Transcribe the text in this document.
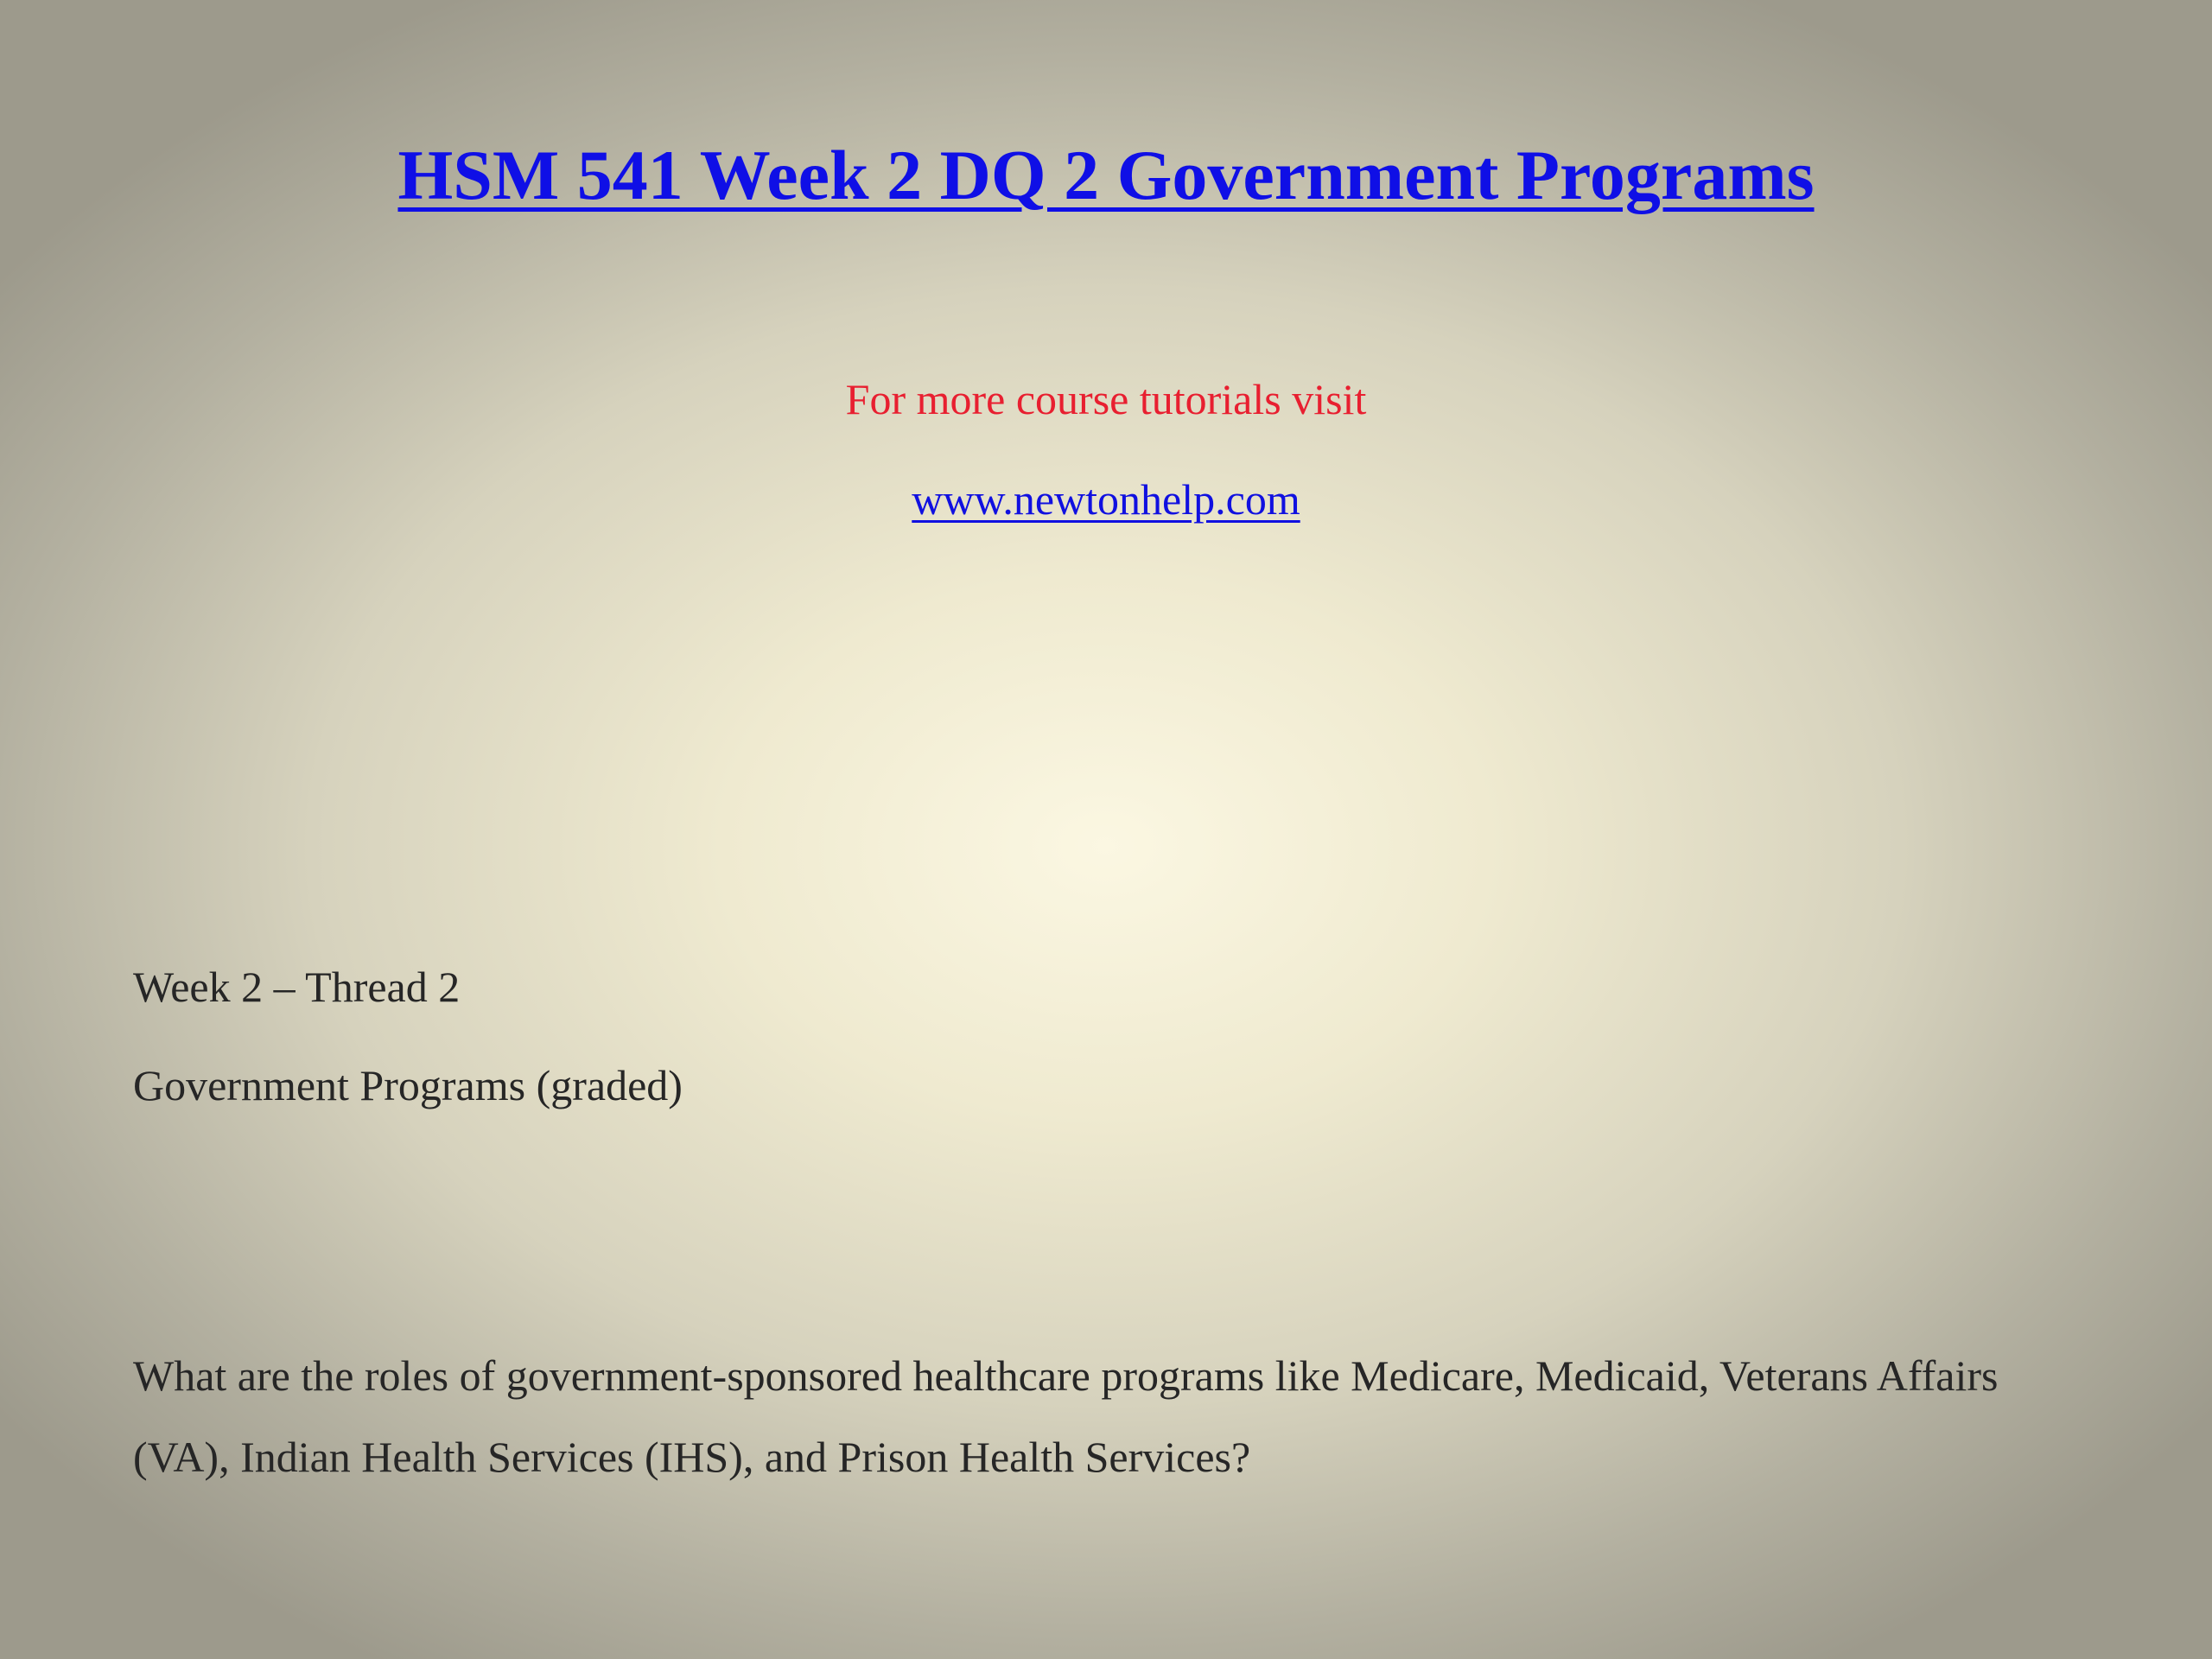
HSM 541 Week 2 DQ 2 Government Programs
For more course tutorials visit
www.newtonhelp.com
Week 2 – Thread 2
Government Programs (graded)
What are the roles of government-sponsored healthcare programs like Medicare, Medicaid, Veterans Affairs
(VA), Indian Health Services (IHS), and Prison Health Services?
